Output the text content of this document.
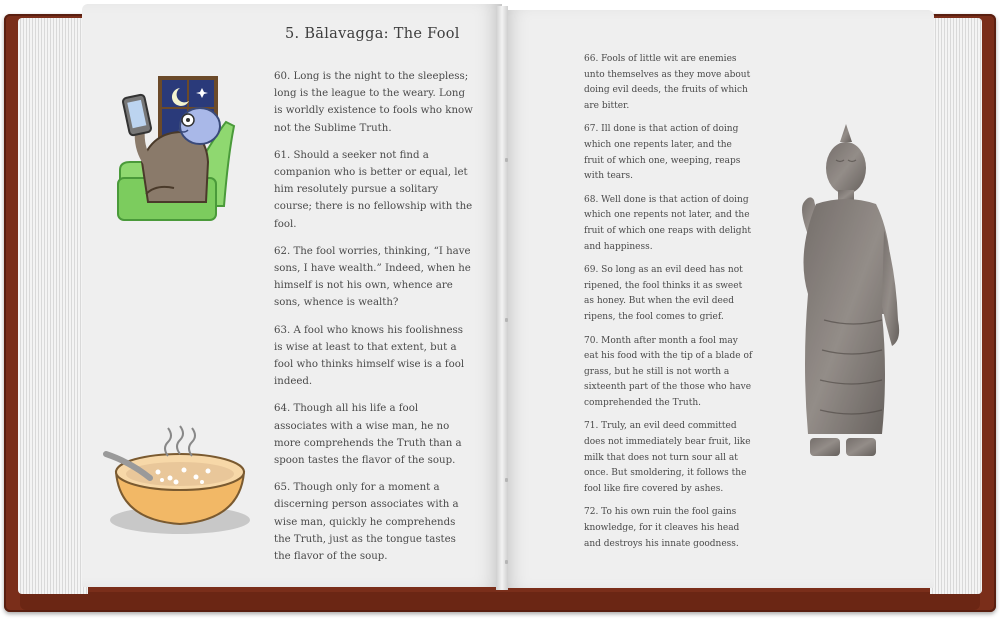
5. Bālavagga: The Fool

60. Long is the night to the sleepless; long is the league to the weary. Long is worldly existence to fools who know not the Sublime Truth.

61. Should a seeker not find a companion who is better or equal, let him resolutely pursue a solitary course; there is no fellowship with the fool.

62. The fool worries, thinking, “I have sons, I have wealth.” Indeed, when he himself is not his own, whence are sons, whence is wealth?

63. A fool who knows his foolishness is wise at least to that extent, but a fool who thinks himself wise is a fool indeed.

64. Though all his life a fool associates with a wise man, he no more comprehends the Truth than a spoon tastes the flavor of the soup.

65. Though only for a moment a discerning person associates with a wise man, quickly he comprehends the Truth, just as the tongue tastes the flavor of the soup.

66. Fools of little wit are enemies unto themselves as they move about doing evil deeds, the fruits of which are bitter.

67. Ill done is that action of doing which one repents later, and the fruit of which one, weeping, reaps with tears.

68. Well done is that action of doing which one repents not later, and the fruit of which one reaps with delight and happiness.

69. So long as an evil deed has not ripened, the fool thinks it as sweet as honey. But when the evil deed ripens, the fool comes to grief.

70. Month after month a fool may eat his food with the tip of a blade of grass, but he still is not worth a sixteenth part of the those who have comprehended the Truth.

71. Truly, an evil deed committed does not immediately bear fruit, like milk that does not turn sour all at once. But smoldering, it follows the fool like fire covered by ashes.

72. To his own ruin the fool gains knowledge, for it cleaves his head and destroys his innate goodness.
